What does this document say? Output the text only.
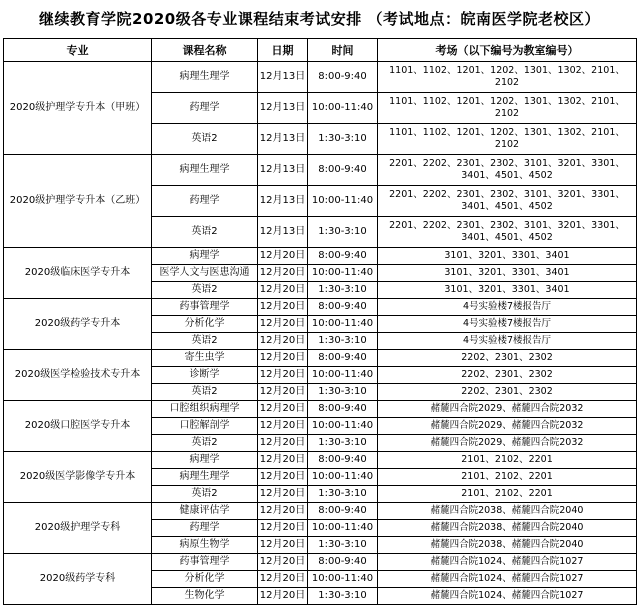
继续教育学院2020级各专业课程结束考试安排 （考试地点：皖南医学院老校区）
专业	课程名称	日期	时间	考场（以下编号为教室编号）
2020级护理学专升本（甲班）	病理生理学	12月13日	8:00-9:40	1101、1102、1201、1202、1301、1302、2101、2102
	药理学	12月13日	10:00-11:40	1101、1102、1201、1202、1301、1302、2101、2102
	英语2	12月13日	1:30-3:10	1101、1102、1201、1202、1301、1302、2101、2102
2020级护理学专升本（乙班）	病理生理学	12月13日	8:00-9:40	2201、2202、2301、2302、3101、3201、3301、3401、4501、4502
	药理学	12月13日	10:00-11:40	2201、2202、2301、2302、3101、3201、3301、3401、4501、4502
	英语2	12月13日	1:30-3:10	2201、2202、2301、2302、3101、3201、3301、3401、4501、4502
2020级临床医学专升本	病理学	12月20日	8:00-9:40	3101、3201、3301、3401
	医学人文与医患沟通	12月20日	10:00-11:40	3101、3201、3301、3401
	英语2	12月20日	1:30-3:10	3101、3201、3301、3401
2020级药学专升本	药事管理学	12月20日	8:00-9:40	4号实验楼7楼报告厅
	分析化学	12月20日	10:00-11:40	4号实验楼7楼报告厅
	英语2	12月20日	1:30-3:10	4号实验楼7楼报告厅
2020级医学检验技术专升本	寄生虫学	12月20日	8:00-9:40	2202、2301、2302
	诊断学	12月20日	10:00-11:40	2202、2301、2302
	英语2	12月20日	1:30-3:10	2202、2301、2302
2020级口腔医学专升本	口腔组织病理学	12月20日	8:00-9:40	赭麓四合院2029、赭麓四合院2032
	口腔解剖学	12月20日	10:00-11:40	赭麓四合院2029、赭麓四合院2032
	英语2	12月20日	1:30-3:10	赭麓四合院2029、赭麓四合院2032
2020级医学影像学专升本	病理学	12月20日	8:00-9:40	2101、2102、2201
	病理生理学	12月20日	10:00-11:40	2101、2102、2201
	英语2	12月20日	1:30-3:10	2101、2102、2201
2020级护理学专科	健康评估学	12月20日	8:00-9:40	赭麓四合院2038、赭麓四合院2040
	药理学	12月20日	10:00-11:40	赭麓四合院2038、赭麓四合院2040
	病原生物学	12月20日	1:30-3:10	赭麓四合院2038、赭麓四合院2040
2020级药学专科	药事管理学	12月20日	8:00-9:40	赭麓四合院1024、赭麓四合院1027
	分析化学	12月20日	10:00-11:40	赭麓四合院1024、赭麓四合院1027
	生物化学	12月20日	1:30-3:10	赭麓四合院1024、赭麓四合院1027
